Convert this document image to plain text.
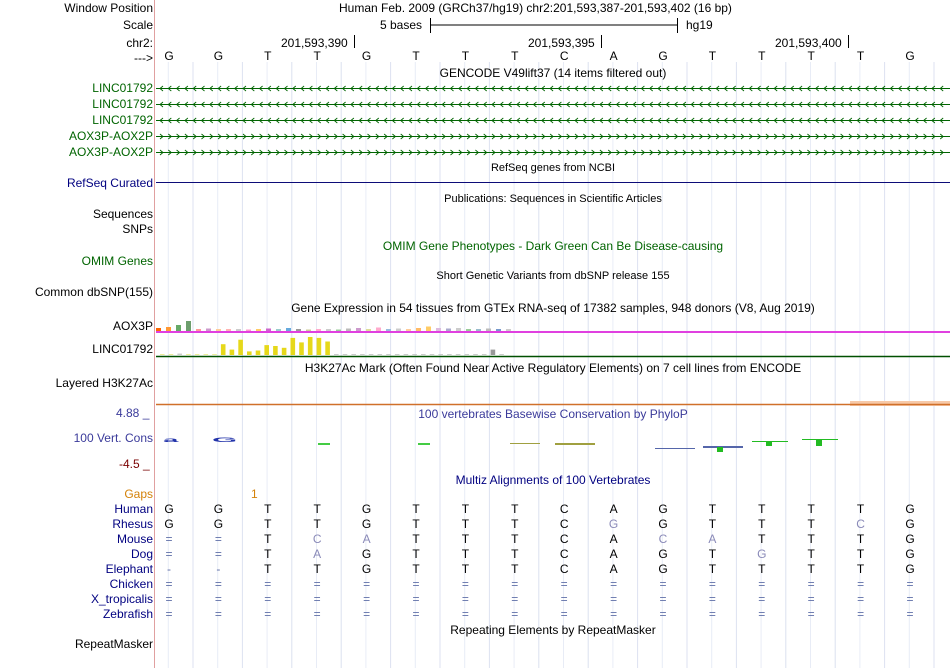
Window Position	Human Feb. 2009 (GRCh37/hg19) chr2:201,593,387-201,593,402 (16 bp)
Scale	5 bases	hg19
chr2:	201,593,390	201,593,395	201,593,400
---> G	G	T	T	G	T	T	T	C	A	G	T	T	T	T	G
GENCODE V49lift37 (14 items filtered out)
LINC01792
LINC01792
LINC01792
AOX3P-AOX2P
AOX3P-AOX2P
RefSeq genes from NCBI
RefSeq Curated
Publications: Sequences in Scientific Articles
Sequences
SNPs
OMIM Gene Phenotypes - Dark Green Can Be Disease-causing
OMIM Genes
Short Genetic Variants from dbSNP release 155
Common dbSNP(155)
Gene Expression in 54 tissues from GTEx RNA-seq of 17382 samples, 948 donors (V8, Aug 2019)
AOX3P
LINC01792
H3K27Ac Mark (Often Found Near Active Regulatory Elements) on 7 cell lines from ENCODE
Layered H3K27Ac
100 vertebrates Basewise Conservation by PhyloP
4.88 _
100 Vert. Cons
-4.5 _
a	G
Multiz Alignments of 100 Vertebrates
Gaps	1
Human G	G	T	T	G	T	T	T	C	A	G	T	T	T	T	G
Rhesus G	G	T	T	G	T	T	T	C	G	G	T	T	T	C	G
Mouse	=	=	T	C	A	T	T	T	C	A	C	A	T	T	T	G
Dog	=	=	T	A	G	T	T	T	C	A	G	T	G	T	T	G
Elephant	-	-	T	T	G	T	T	T	C	A	G	T	T	T	T	G
Chicken	=	=	=	=	=	=	=	=	=	=	=	=	=	=	=	=
X_tropicalis	=	=	=	=	=	=	=	=	=	=	=	=	=	=	=	=
Zebrafish	=	=	=	=	=	=	=	=	=	=	=	=	=	=	=	=
Repeating Elements by RepeatMasker
RepeatMasker
